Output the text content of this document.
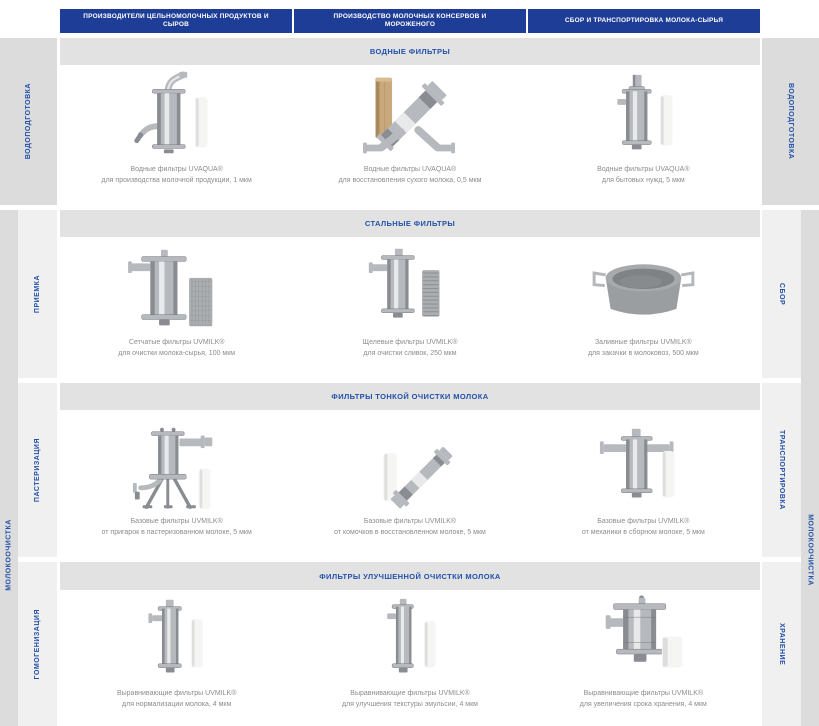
ПРОИЗВОДИТЕЛИ ЦЕЛЬНОМОЛОЧНЫХ ПРОДУКТОВ И СЫРОВ
ПРОИЗВОДСТВО МОЛОЧНЫХ КОНСЕРВОВ И МОРОЖЕНОГО
СБОР И ТРАНСПОРТИРОВКА МОЛОКА-СЫРЬЯ
ВОДОПОДГОТОВКА
МОЛОКООЧИСТКА
ПРИЕМКА
ПАСТЕРИЗАЦИЯ
ГОМОГЕНИЗАЦИЯ
ВОДОПОДГОТОВКА
СБОР
ТРАНСПОРТИРОВКА
ХРАНЕНИЕ
МОЛОКООЧИСТКА
ВОДНЫЕ ФИЛЬТРЫ
Водные фильтры UVAQUA®
для производства молочной продукции, 1 мкм
Водные фильтры UVAQUA®
для восстановления сухого молока, 0,5 мкм
Водные фильтры UVAQUA®
для бытовых нужд, 5 мкм
СТАЛЬНЫЕ ФИЛЬТРЫ
Сетчатые фильтры UVMILK®
для очистки молока-сырья, 100 мкм
Щелевые фильтры UVMILK®
для очистки сливок, 250 мкм
Заливные фильтры UVMILK®
для закачки в молоковоз, 500 мкм
ФИЛЬТРЫ ТОНКОЙ ОЧИСТКИ МОЛОКА
Базовые фильтры UVMILK®
от пригарок в пастеризованном молоке, 5 мкм
Базовые фильтры UVMILK®
от комочков в восстановленном молоке, 5 мкм
Базовые фильтры UVMILK®
от механики в сборном молоке, 5 мкм
ФИЛЬТРЫ УЛУЧШЕННОЙ ОЧИСТКИ МОЛОКА
Выравнивающие фильтры UVMILK®
для нормализации молока, 4 мкм
Выравнивающие фильтры UVMILK®
для улучшения текстуры эмульсии, 4 мкм
Выравнивающие фильтры UVMILK®
для увеличения срока хранения, 4 мкм
